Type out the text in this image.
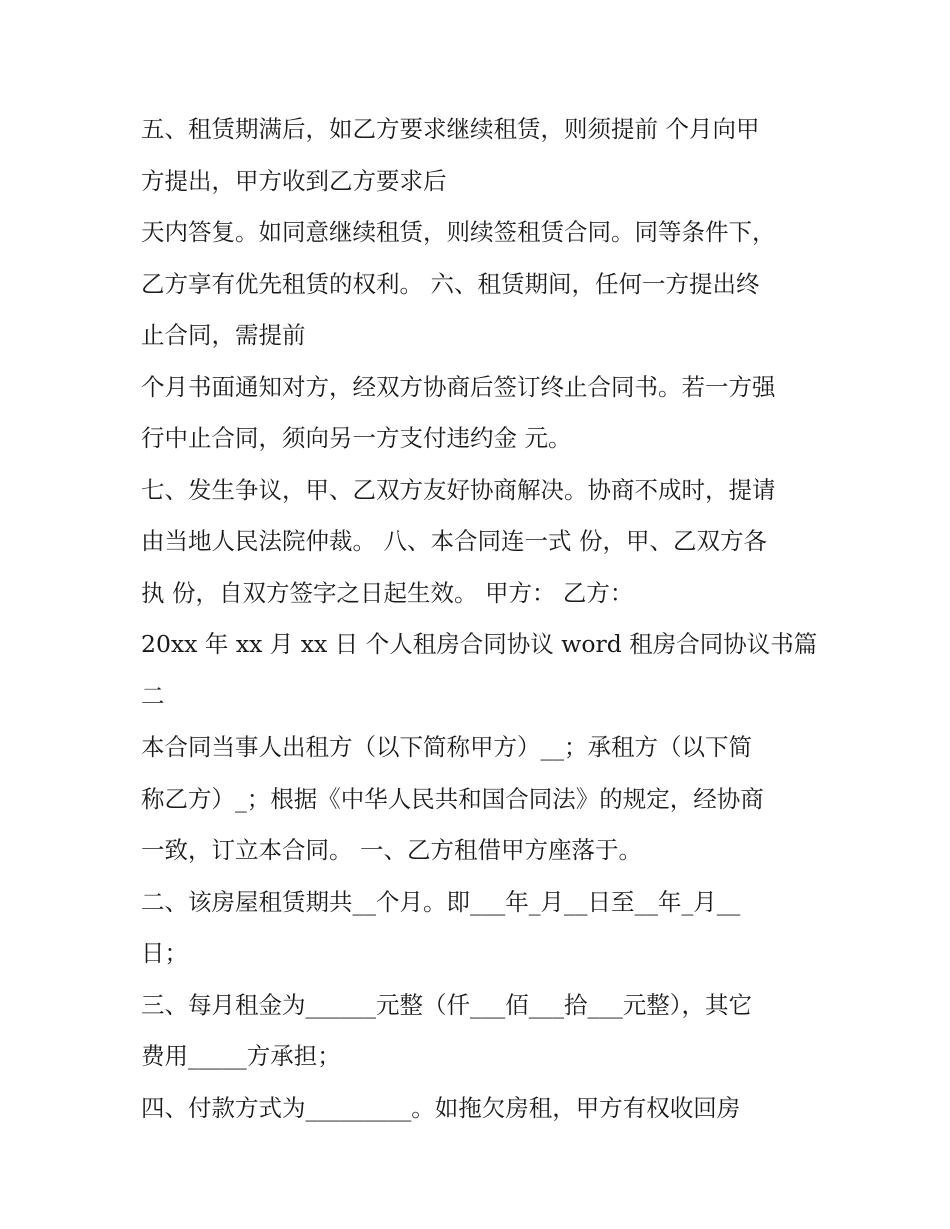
五、租赁期满后，如乙方要求继续租赁，则须提前 个月向甲

方提出，甲方收到乙方要求后

天内答复。如同意继续租赁，则续签租赁合同。同等条件下，

乙方享有优先租赁的权利。 六、租赁期间，任何一方提出终

止合同，需提前

个月书面通知对方，经双方协商后签订终止合同书。若一方强

行中止合同，须向另一方支付违约金 元。

七、发生争议，甲、乙双方友好协商解决。协商不成时，提请

由当地人民法院仲裁。 八、本合同连一式 份，甲、乙双方各

执 份，自双方签字之日起生效。 甲方： 乙方：

20xx 年 xx 月 xx 日 个人租房合同协议 word 租房合同协议书篇

二

本合同当事人出租方（以下简称甲方）__；承租方（以下简

称乙方）_；根据《中华人民共和国合同法》的规定，经协商

一致，订立本合同。 一、乙方租借甲方座落于。

二、该房屋租赁期共__个月。即___年_月__日至__年_月__

日；

三、每月租金为______元整（仟___佰___拾___元整），其它

费用_____方承担；

四、付款方式为_________。如拖欠房租，甲方有权收回房
